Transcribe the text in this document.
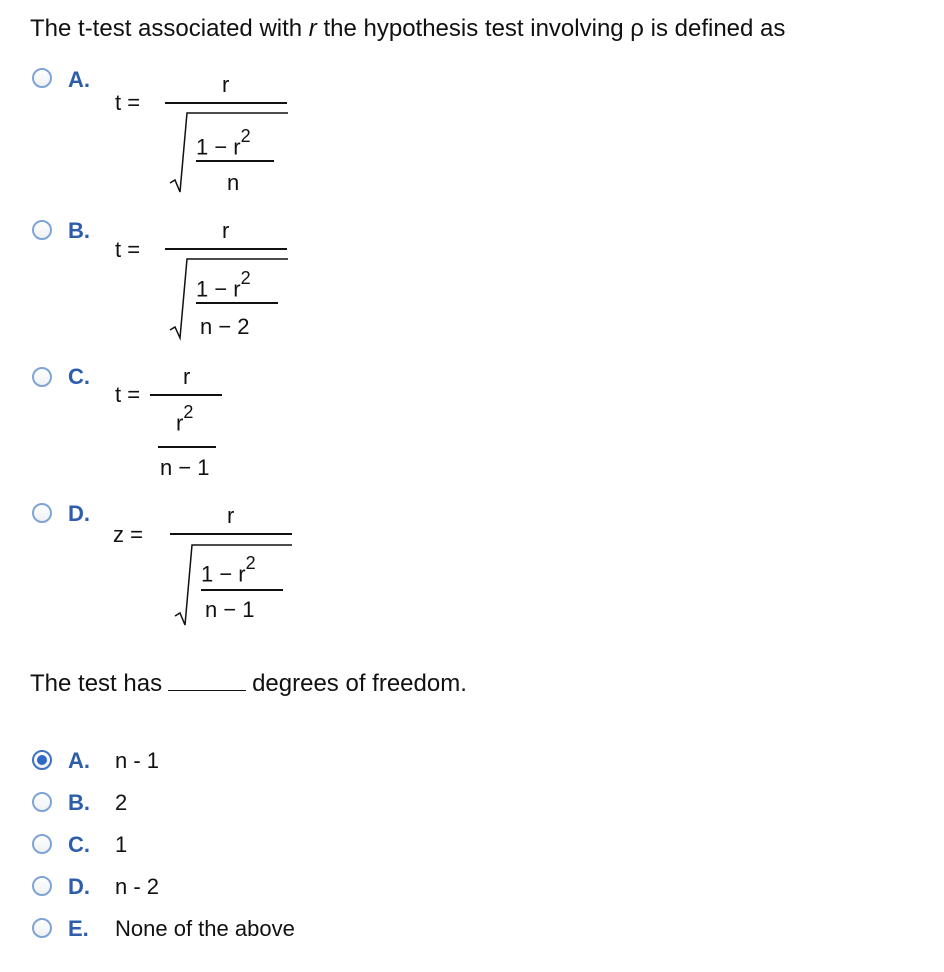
The t-test associated with r the hypothesis test involving ρ is defined as
A.
t =
r
$1 - r^2$
n
B.
t =
r
$1 - r^2$
n − 2
C.
t =
r
$r^2$
n − 1
D.
z =
r
$1 - r^2$
n − 1
The test has	degrees of freedom.
A. n - 1
B. 2
C. 1
D. n - 2
E. None of the above
